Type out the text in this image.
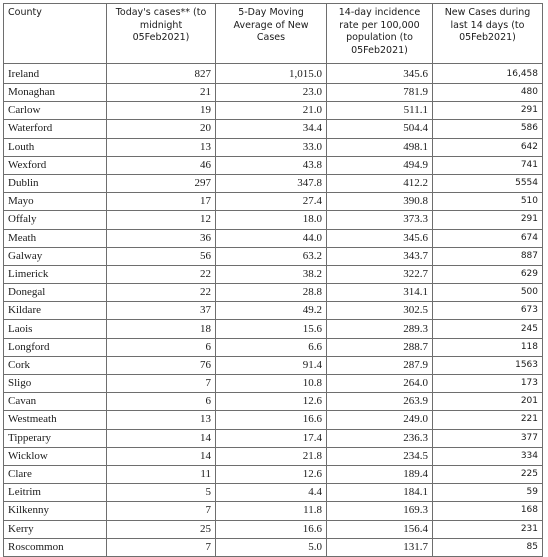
County	Today's cases** (to midnight 05Feb2021)	5-Day Moving Average of New Cases	14-day incidence rate per 100,000 population (to 05Feb2021)	New Cases during last 14 days (to 05Feb2021)
Ireland	827	1,015.0	345.6	16,458
Monaghan	21	23.0	781.9	480
Carlow	19	21.0	511.1	291
Waterford	20	34.4	504.4	586
Louth	13	33.0	498.1	642
Wexford	46	43.8	494.9	741
Dublin	297	347.8	412.2	5554
Mayo	17	27.4	390.8	510
Offaly	12	18.0	373.3	291
Meath	36	44.0	345.6	674
Galway	56	63.2	343.7	887
Limerick	22	38.2	322.7	629
Donegal	22	28.8	314.1	500
Kildare	37	49.2	302.5	673
Laois	18	15.6	289.3	245
Longford	6	6.6	288.7	118
Cork	76	91.4	287.9	1563
Sligo	7	10.8	264.0	173
Cavan	6	12.6	263.9	201
Westmeath	13	16.6	249.0	221
Tipperary	14	17.4	236.3	377
Wicklow	14	21.8	234.5	334
Clare	11	12.6	189.4	225
Leitrim	5	4.4	184.1	59
Kilkenny	7	11.8	169.3	168
Kerry	25	16.6	156.4	231
Roscommon	7	5.0	131.7	85
